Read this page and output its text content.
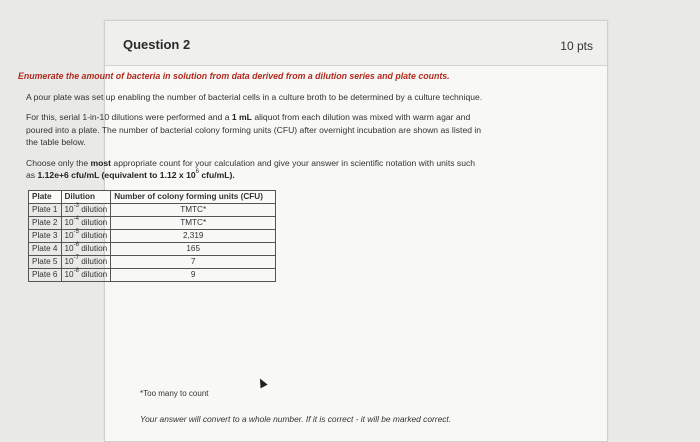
Question 2	10 pts
Enumerate the amount of bacteria in solution from data derived from a dilution series and plate counts.

A pour plate was set up enabling the number of bacterial cells in a culture broth to be determined by a culture technique.

For this, serial 1-in-10 dilutions were performed and a 1 mL aliquot from each dilution was mixed with warm agar and poured into a plate. The number of bacterial colony forming units (CFU) after overnight incubation are shown as listed in the table below.

Choose only the most appropriate count for your calculation and give your answer in scientific notation with units such as 1.12e+6 cfu/mL (equivalent to 1.12 x $10^6$ cfu/mL).

Plate	Dilution	Number of colony forming units (CFU)
Plate 1	$10^{-3}$ dilution	TMTC*
Plate 2	$10^{-4}$ dilution	TMTC*
Plate 3	$10^{-5}$ dilution	2,319
Plate 4	$10^{-6}$ dilution	165
Plate 5	$10^{-7}$ dilution	7
Plate 6	$10^{-8}$ dilution	9
*Too many to count
Your answer will convert to a whole number. If it is correct - it will be marked correct.
